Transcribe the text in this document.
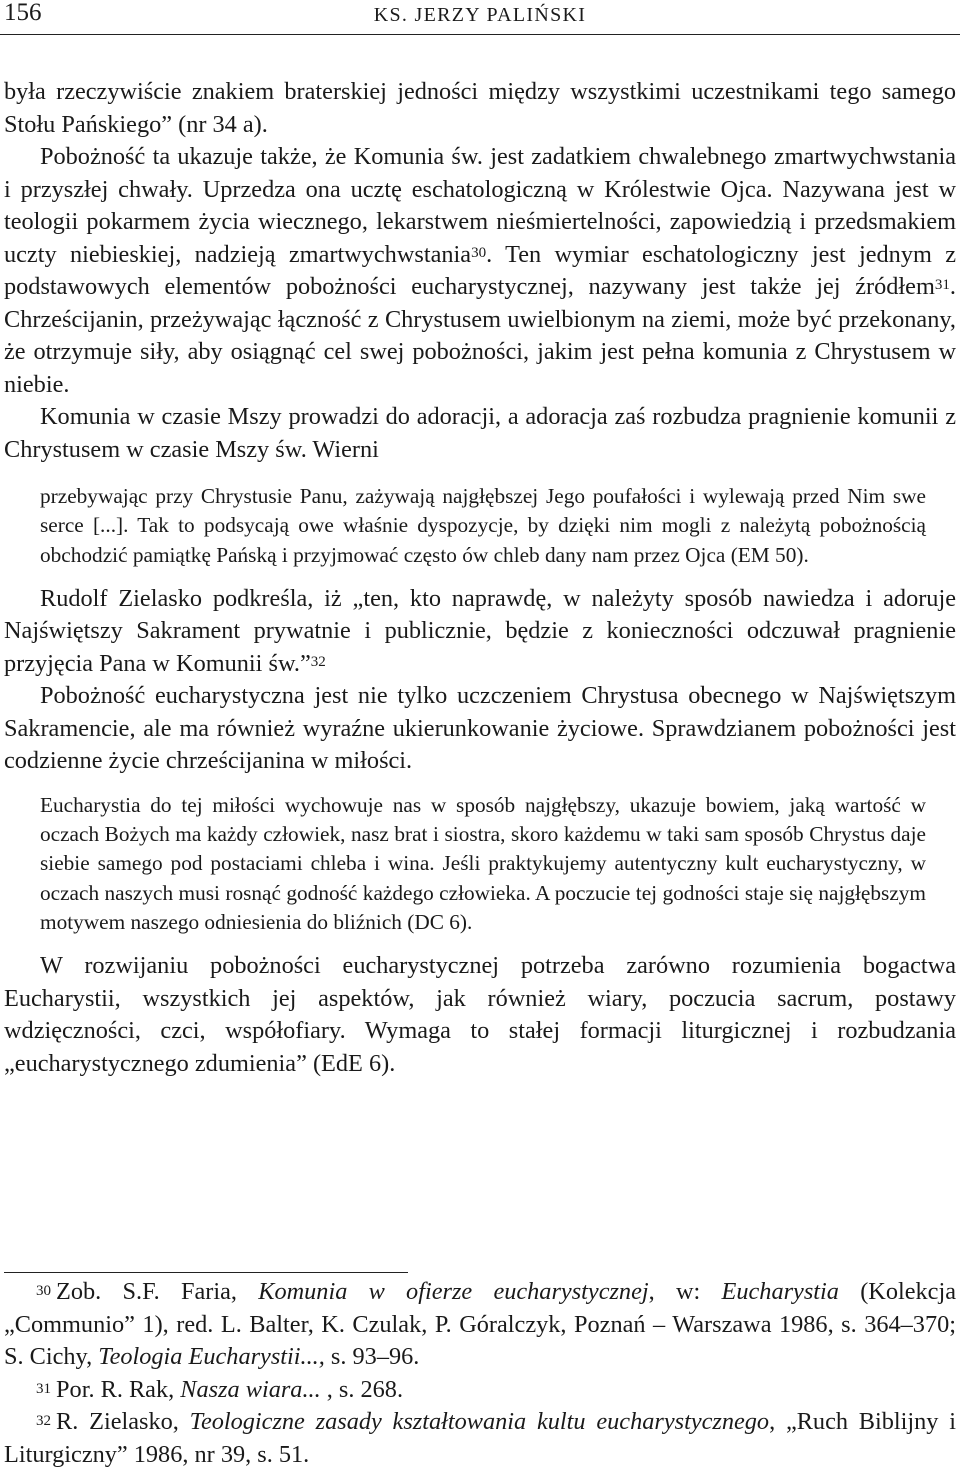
156	KS. JERZY PALIŃSKI

była rzeczywiście znakiem braterskiej jedności między wszystkimi uczestnikami tego samego Stołu Pańskiego” (nr 34 a).

Pobożność ta ukazuje także, że Komunia św. jest zadatkiem chwalebnego zmartwychwstania i przyszłej chwały. Uprzedza ona ucztę eschatologiczną w Królestwie Ojca. Nazywana jest w teologii pokarmem życia wiecznego, lekarstwem nieśmiertelności, zapowiedzią i przedsmakiem uczty niebieskiej, nadzieją zmartwychwstania$^{30}$. Ten wymiar eschatologiczny jest jednym z podstawowych elementów pobożności eucharystycznej, nazywany jest także jej źródłem$^{31}$. Chrześcijanin, przeżywając łączność z Chrystusem uwielbionym na ziemi, może być przekonany, że otrzymuje siły, aby osiągnąć cel swej pobożności, jakim jest pełna komunia z Chrystusem w niebie.

Komunia w czasie Mszy prowadzi do adoracji, a adoracja zaś rozbudza pragnienie komunii z Chrystusem w czasie Mszy św. Wierni

przebywając przy Chrystusie Panu, zażywają najgłębszej Jego poufałości i wylewają przed Nim swe serce [...]. Tak to podsycają owe właśnie dyspozycje, by dzięki nim mogli z należytą pobożnością obchodzić pamiątkę Pańską i przyjmować często ów chleb dany nam przez Ojca (EM 50).

Rudolf Zielasko podkreśla, iż „ten, kto naprawdę, w należyty sposób nawiedza i adoruje Najświętszy Sakrament prywatnie i publicznie, będzie z konieczności odczuwał pragnienie przyjęcia Pana w Komunii św.”$^{32}$

Pobożność eucharystyczna jest nie tylko uczczeniem Chrystusa obecnego w Najświętszym Sakramencie, ale ma również wyraźne ukierunkowanie życiowe. Sprawdzianem pobożności jest codzienne życie chrześcijanina w miłości.

Eucharystia do tej miłości wychowuje nas w sposób najgłębszy, ukazuje bowiem, jaką wartość w oczach Bożych ma każdy człowiek, nasz brat i siostra, skoro każdemu w taki sam sposób Chrystus daje siebie samego pod postaciami chleba i wina. Jeśli praktykujemy autentyczny kult eucharystyczny, w oczach naszych musi rosnąć godność każdego człowieka. A poczucie tej godności staje się najgłębszym motywem naszego odniesienia do bliźnich (DC 6).

W rozwijaniu pobożności eucharystycznej potrzeba zarówno rozumienia bogactwa Eucharystii, wszystkich jej aspektów, jak również wiary, poczucia sacrum, postawy wdzięczności, czci, współofiary. Wymaga to stałej formacji liturgicznej i rozbudzania „eucharystycznego zdumienia” (EdE 6).

$^{30}$ Zob. S.F. Faria, Komunia w ofierze eucharystycznej, w: Eucharystia (Kolekcja „Communio” 1), red. L. Balter, K. Czulak, P. Góralczyk, Poznań – Warszawa 1986, s. 364–370; S. Cichy, Teologia Eucharystii..., s. 93–96.

$^{31}$ Por. R. Rak, Nasza wiara... , s. 268.

$^{32}$ R. Zielasko, Teologiczne zasady kształtowania kultu eucharystycznego, „Ruch Biblijny i Liturgiczny” 1986, nr 39, s. 51.
